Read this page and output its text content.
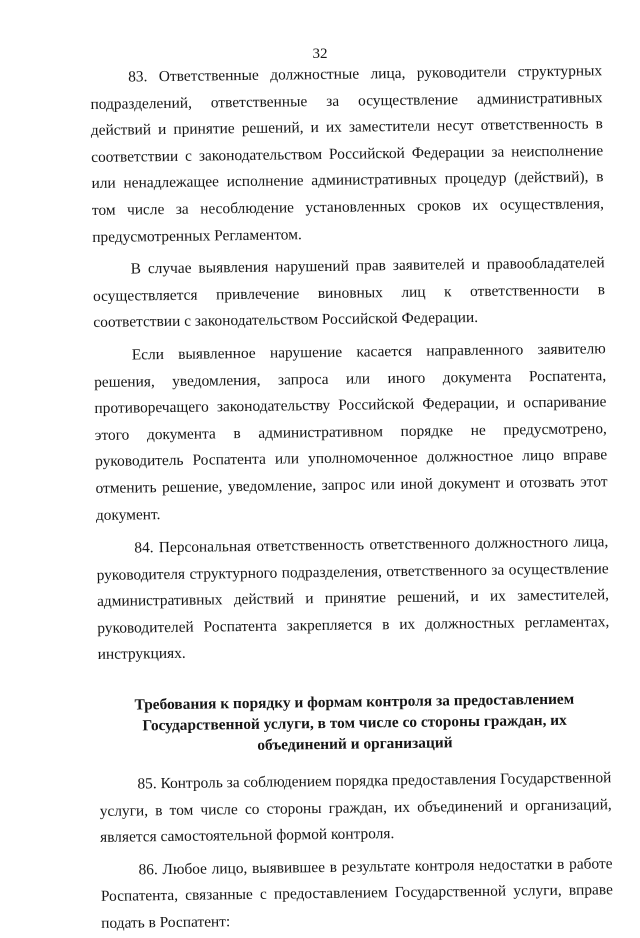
32

83. Ответственные должностные лица, руководители структурных подразделений, ответственные за осуществление административных действий и принятие решений, и их заместители несут ответственность в соответствии с законодательством Российской Федерации за неисполнение или ненадлежащее исполнение административных процедур (действий), в том числе за несоблюдение установленных сроков их осуществления, предусмотренных Регламентом.

В случае выявления нарушений прав заявителей и правообладателей осуществляется привлечение виновных лиц к ответственности в соответствии с законодательством Российской Федерации.

Если выявленное нарушение касается направленного заявителю решения, уведомления, запроса или иного документа Роспатента, противоречащего законодательству Российской Федерации, и оспаривание этого документа в административном порядке не предусмотрено, руководитель Роспатента или уполномоченное должностное лицо вправе отменить решение, уведомление, запрос или иной документ и отозвать этот документ.

84. Персональная ответственность ответственного должностного лица, руководителя структурного подразделения, ответственного за осуществление административных действий и принятие решений, и их заместителей, руководителей Роспатента закрепляется в их должностных регламентах, инструкциях.

Требования к порядку и формам контроля за предоставлением Государственной услуги, в том числе со стороны граждан, их объединений и организаций

85. Контроль за соблюдением порядка предоставления Государственной услуги, в том числе со стороны граждан, их объединений и организаций, является самостоятельной формой контроля.

86. Любое лицо, выявившее в результате контроля недостатки в работе Роспатента, связанные с предоставлением Государственной услуги, вправе подать в Роспатент:
